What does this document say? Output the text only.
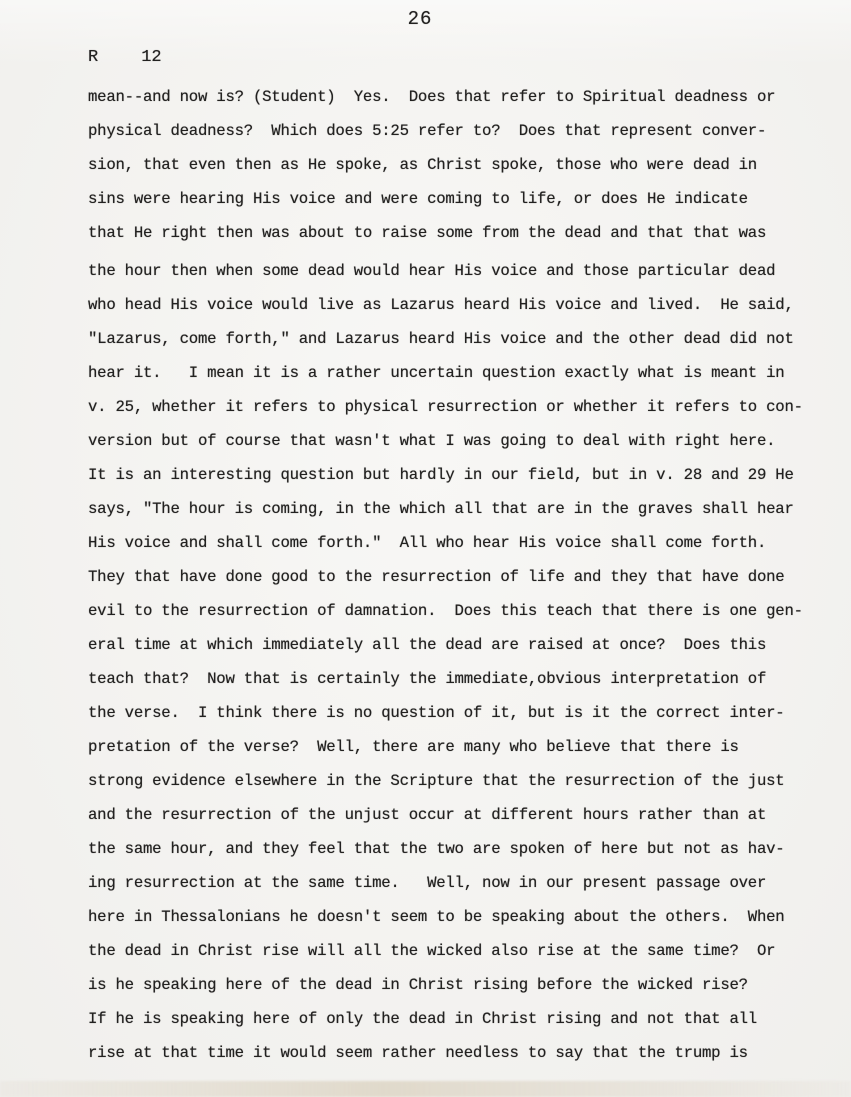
26
R	12
mean--and now is? (Student)  Yes.  Does that refer to Spiritual deadness or
physical deadness?  Which does 5:25 refer to?  Does that represent conver-
sion, that even then as He spoke, as Christ spoke, those who were dead in
sins were hearing His voice and were coming to life, or does He indicate
that He right then was about to raise some from the dead and that that was
the hour then when some dead would hear His voice and those particular dead
who head His voice would live as Lazarus heard His voice and lived.  He said,
"Lazarus, come forth," and Lazarus heard His voice and the other dead did not
hear it.   I mean it is a rather uncertain question exactly what is meant in
v. 25, whether it refers to physical resurrection or whether it refers to con-
version but of course that wasn't what I was going to deal with right here.
It is an interesting question but hardly in our field, but in v. 28 and 29 He
says, "The hour is coming, in the which all that are in the graves shall hear
His voice and shall come forth."  All who hear His voice shall come forth.
They that have done good to the resurrection of life and they that have done
evil to the resurrection of damnation.  Does this teach that there is one gen-
eral time at which immediately all the dead are raised at once?  Does this
teach that?  Now that is certainly the immediate,obvious interpretation of
the verse.  I think there is no question of it, but is it the correct inter-
pretation of the verse?  Well, there are many who believe that there is
strong evidence elsewhere in the Scripture that the resurrection of the just
and the resurrection of the unjust occur at different hours rather than at
the same hour, and they feel that the two are spoken of here but not as hav-
ing resurrection at the same time.   Well, now in our present passage over
here in Thessalonians he doesn't seem to be speaking about the others.  When
the dead in Christ rise will all the wicked also rise at the same time?  Or
is he speaking here of the dead in Christ rising before the wicked rise?
If he is speaking here of only the dead in Christ rising and not that all
rise at that time it would seem rather needless to say that the trump is
